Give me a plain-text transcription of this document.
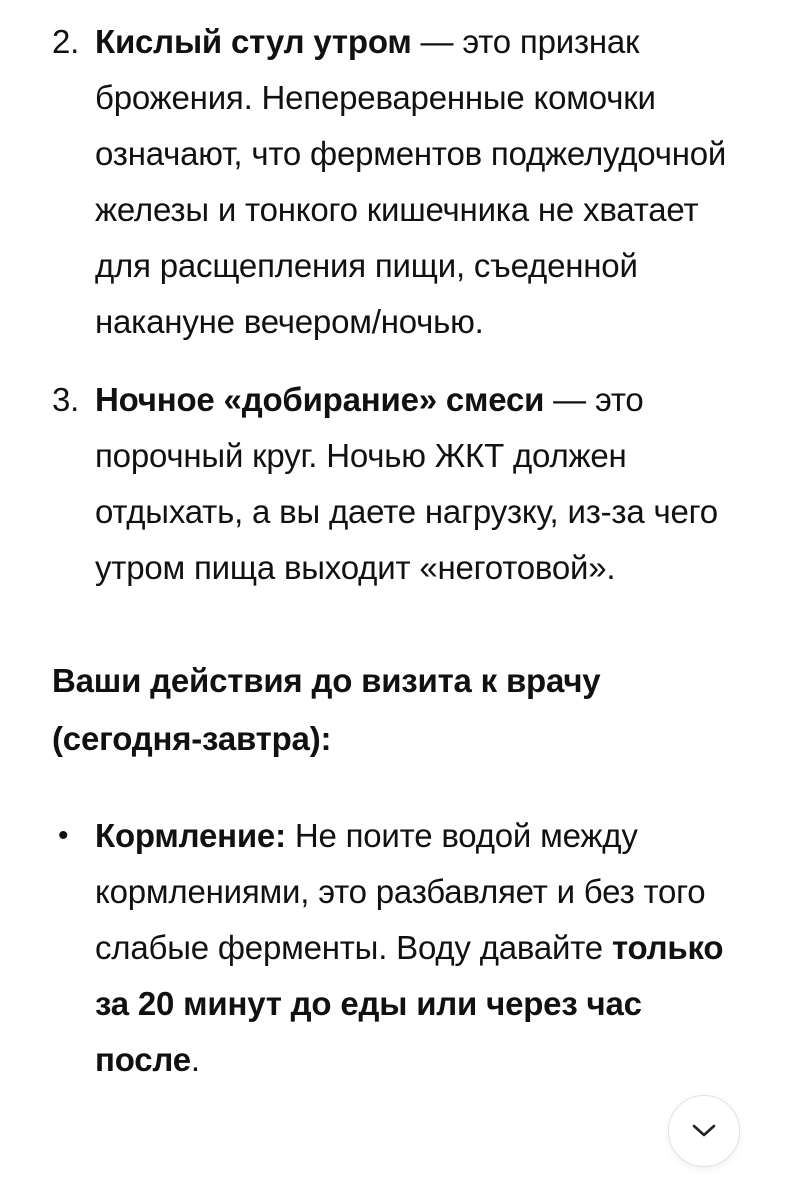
2. Кислый стул утром — это признак брожения. Непереваренные комочки означают, что ферментов поджелудочной железы и тонкого кишечника не хватает для расщепления пищи, съеденной накануне вечером/ночью.
3. Ночное «добирание» смеси — это порочный круг. Ночью ЖКТ должен отдыхать, а вы даете нагрузку, из-за чего утром пища выходит «неготовой».
Ваши действия до визита к врачу (сегодня-завтра):
• Кормление: Не поите водой между кормлениями, это разбавляет и без того слабые ферменты. Воду давайте только за 20 минут до еды или через час после.
